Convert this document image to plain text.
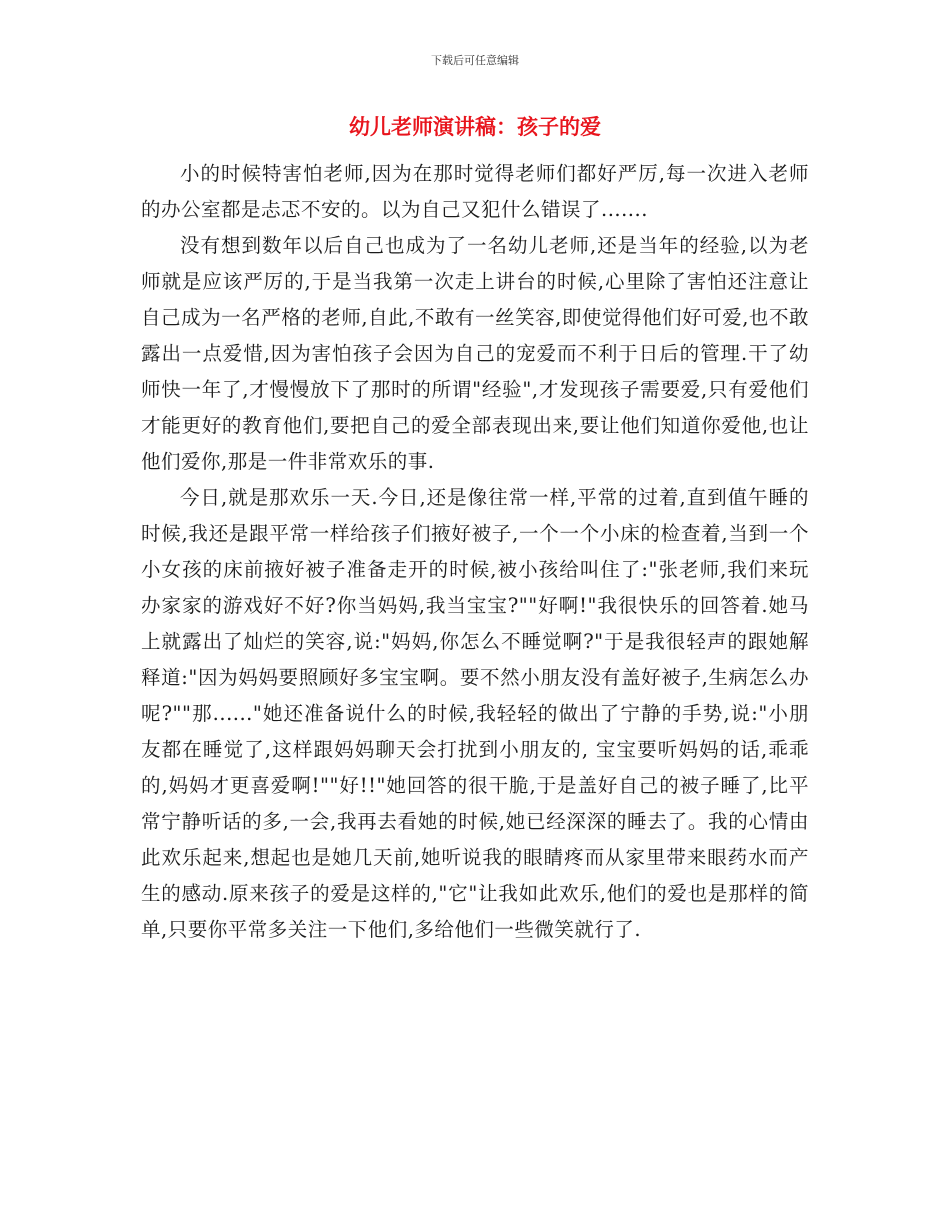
下载后可任意编辑
幼儿老师演讲稿：孩子的爱

小的时候特害怕老师,因为在那时觉得老师们都好严厉,每一次进入老师的办公室都是忐忑不安的。以为自己又犯什么错误了.......

没有想到数年以后自己也成为了一名幼儿老师,还是当年的经验,以为老师就是应该严厉的,于是当我第一次走上讲台的时候,心里除了害怕还注意让自己成为一名严格的老师,自此,不敢有一丝笑容,即使觉得他们好可爱,也不敢露出一点爱惜,因为害怕孩子会因为自己的宠爱而不利于日后的管理.干了幼师快一年了,才慢慢放下了那时的所谓"经验",才发现孩子需要爱,只有爱他们才能更好的教育他们,要把自己的爱全部表现出来,要让他们知道你爱他,也让他们爱你,那是一件非常欢乐的事.

今日,就是那欢乐一天.今日,还是像往常一样,平常的过着,直到值午睡的时候,我还是跟平常一样给孩子们掖好被子,一个一个小床的检查着,当到一个小女孩的床前掖好被子准备走开的时候,被小孩给叫住了:"张老师,我们来玩办家家的游戏好不好?你当妈妈,我当宝宝?""好啊!"我很快乐的回答着.她马上就露出了灿烂的笑容,说:"妈妈,你怎么不睡觉啊?"于是我很轻声的跟她解释道:"因为妈妈要照顾好多宝宝啊。要不然小朋友没有盖好被子,生病怎么办呢?""那......"她还准备说什么的时候,我轻轻的做出了宁静的手势,说:"小朋友都在睡觉了,这样跟妈妈聊天会打扰到小朋友的, 宝宝要听妈妈的话,乖乖的,妈妈才更喜爱啊!""好!!"她回答的很干脆,于是盖好自己的被子睡了,比平常宁静听话的多,一会,我再去看她的时候,她已经深深的睡去了。我的心情由此欢乐起来,想起也是她几天前,她听说我的眼睛疼而从家里带来眼药水而产生的感动.原来孩子的爱是这样的,"它"让我如此欢乐,他们的爱也是那样的简单,只要你平常多关注一下他们,多给他们一些微笑就行了.
